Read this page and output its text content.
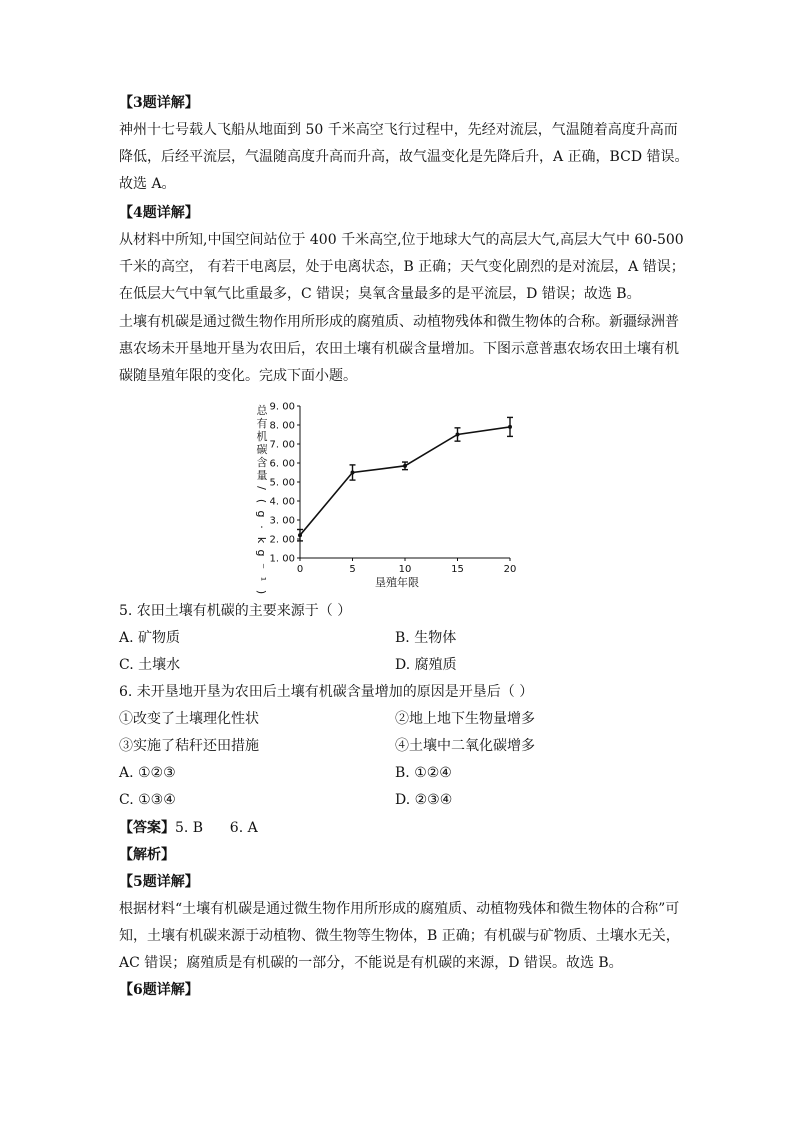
【3题详解】
神州十七号载人飞船从地面到 50 千米高空飞行过程中，先经对流层，气温随着高度升高而
降低，后经平流层，气温随高度升高而升高，故气温变化是先降后升，A 正确，BCD 错误。
故选 A。
【4题详解】
从材料中所知,中国空间站位于 400 千米高空,位于地球大气的高层大气,高层大气中 60-500
千米的高空， 有若干电离层，处于电离状态，B 正确；天气变化剧烈的是对流层，A 错误；
在低层大气中氧气比重最多，C 错误；臭氧含量最多的是平流层，D 错误；故选 B。
土壤有机碳是通过微生物作用所形成的腐殖质、动植物残体和微生物体的合称。新疆绿洲普
惠农场未开垦地开垦为农田后，农田土壤有机碳含量增加。下图示意普惠农场农田土壤有机
碳随垦殖年限的变化。完成下面小题。
总
有
机
碳
含
量
/
(
g
·
k
g
⁻
¹
)
1. 00
2. 00
3. 00
4. 00
5. 00
6. 00
7. 00
8. 00
9. 00
0	5	10	15	20
垦殖年限
5. 农田土壤有机碳的主要来源于（ ）
A. 矿物质	B. 生物体
C. 土壤水	D. 腐殖质
6. 未开垦地开垦为农田后土壤有机碳含量增加的原因是开垦后（ ）
①改变了土壤理化性状	②地上地下生物量增多
③实施了秸秆还田措施	④土壤中二氧化碳增多
A. ①②③	B. ①②④
C. ①③④	D. ②③④
【答案】5. B      6. A
【解析】
【5题详解】
根据材料“土壤有机碳是通过微生物作用所形成的腐殖质、动植物残体和微生物体的合称”可
知，土壤有机碳来源于动植物、微生物等生物体，B 正确；有机碳与矿物质、土壤水无关，
AC 错误；腐殖质是有机碳的一部分，不能说是有机碳的来源，D 错误。故选 B。
【6题详解】
